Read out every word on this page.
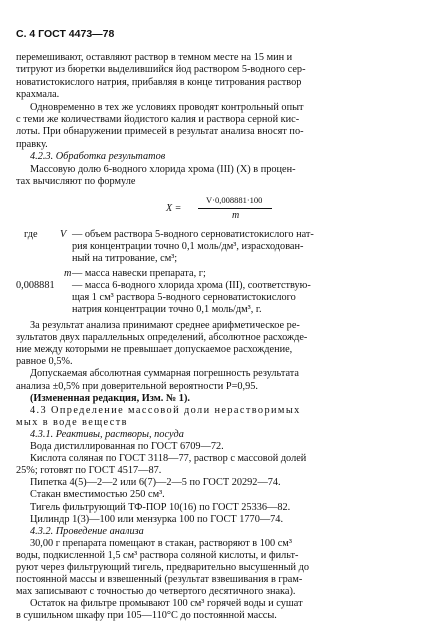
С. 4 ГОСТ 4473—78
перемешивают, оставляют раствор в темном месте на 15 мин и
титруют из бюретки выделившийся йод раствором 5-водного сер-
новатистокислого натрия, прибавляя в конце титрования раствор
крахмала.
Одновременно в тех же условиях проводят контрольный опыт
с теми же количествами йодистого калия и раствора серной кис-
лоты. При обнаружении примесей в результат анализа вносят по-
правку.
4.2.3. Обработка результатов
Массовую долю 6-водного хлорида хрома (III) (X) в процен-
тах вычисляют по формуле
X =
V·0,008881·100
m
где V — объем раствора 5-водного серноватистокислого нат-
рия концентрации точно 0,1 моль/дм³, израсходован-
ный на титрование, см³;
m — масса навески препарата, г;
0,008881 — масса 6-водного хлорида хрома (III), соответствую-
щая 1 см³ раствора 5-водного серноватистокислого
натрия концентрации точно 0,1 моль/дм³, г.
За результат анализа принимают среднее арифметическое ре-
зультатов двух параллельных определений, абсолютное расхожде-
ние между которыми не превышает допускаемое расхождение,
равное 0,5%.
Допускаемая абсолютная суммарная погрешность результата
анализа ±0,5% при доверительной вероятности P=0,95.
(Измененная редакция, Изм. № 1).
4.3 Определение массовой доли нерастворимых
мых в воде веществ
4.3.1. Реактивы, растворы, посуда
Вода дистиллированная по ГОСТ 6709—72.
Кислота соляная по ГОСТ 3118—77, раствор с массовой долей
25%; готовят по ГОСТ 4517—87.
Пипетка 4(5)—2—2 или 6(7)—2—5 по ГОСТ 20292—74.
Стакан вместимостью 250 см³.
Тигель фильтрующий ТФ-ПОР 10(16) по ГОСТ 25336—82.
Цилиндр 1(3)—100 или мензурка 100 по ГОСТ 1770—74.
4.3.2. Проведение анализа
30,00 г препарата помещают в стакан, растворяют в 100 см³
воды, подкисленной 1,5 см³ раствора соляной кислоты, и фильт-
руют через фильтрующий тигель, предварительно высушенный до
постоянной массы и взвешенный (результат взвешивания в грам-
мах записывают с точностью до четвертого десятичного знака).
Остаток на фильтре промывают 100 см³ горячей воды и сушат
в сушильном шкафу при 105—110°С до постоянной массы.
